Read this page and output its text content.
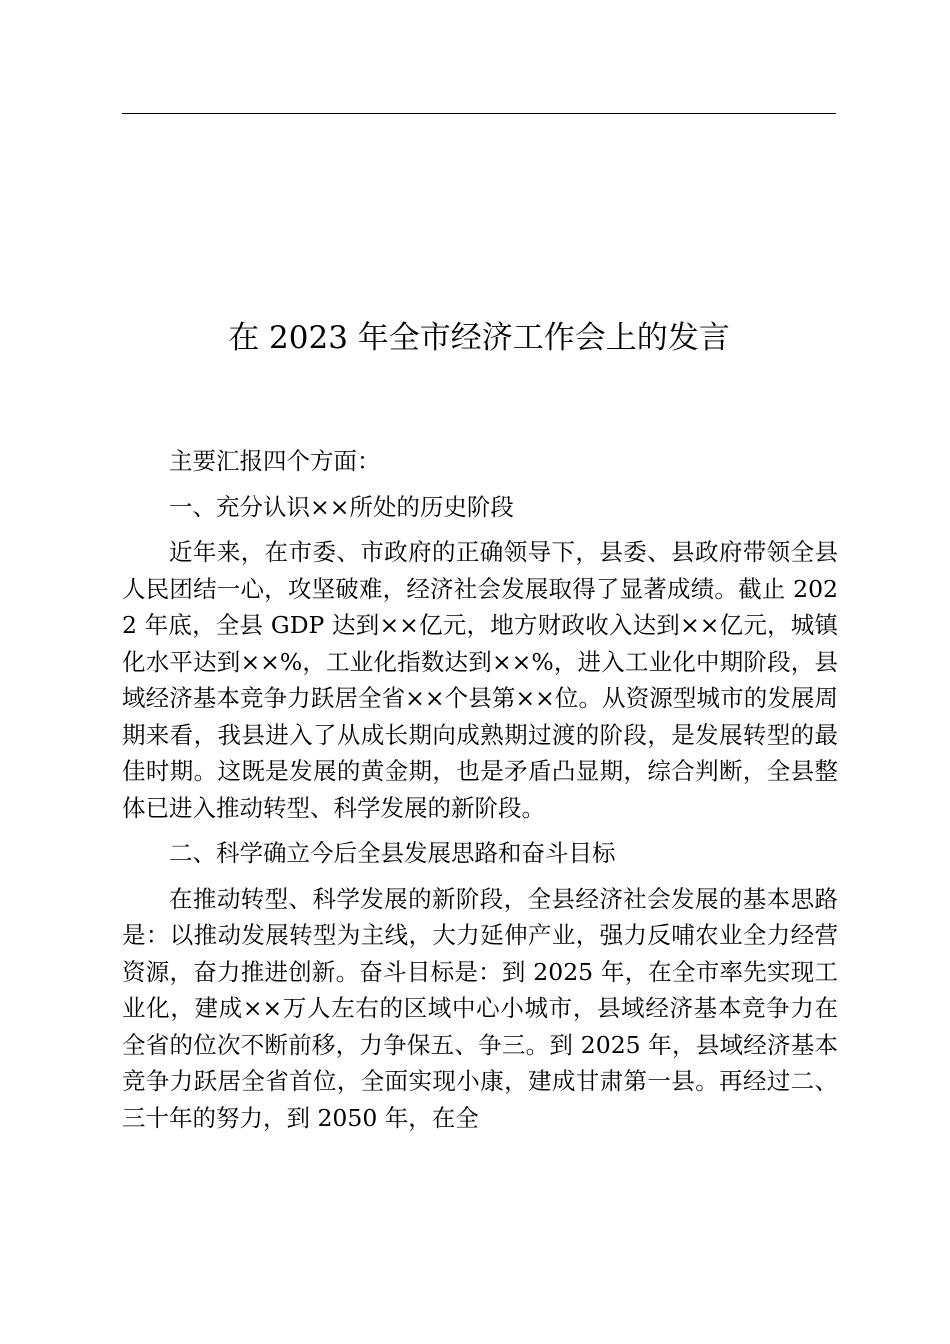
在 2023 年全市经济工作会上的发言

主要汇报四个方面：

一、充分认识××所处的历史阶段

近年来，在市委、市政府的正确领导下，县委、县政府带领全县人民团结一心，攻坚破难，经济社会发展取得了显著成绩。截止 2022 年底，全县 GDP 达到××亿元，地方财政收入达到××亿元，城镇化水平达到××%，工业化指数达到××%，进入工业化中期阶段，县域经济基本竞争力跃居全省××个县第××位。从资源型城市的发展周期来看，我县进入了从成长期向成熟期过渡的阶段，是发展转型的最佳时期。这既是发展的黄金期，也是矛盾凸显期，综合判断，全县整体已进入推动转型、科学发展的新阶段。

二、科学确立今后全县发展思路和奋斗目标

在推动转型、科学发展的新阶段，全县经济社会发展的基本思路是：以推动发展转型为主线，大力延伸产业，强力反哺农业全力经营资源，奋力推进创新。奋斗目标是：到 2025 年，在全市率先实现工业化，建成××万人左右的区域中心小城市，县域经济基本竞争力在全省的位次不断前移，力争保五、争三。到 2025 年，县域经济基本竞争力跃居全省首位，全面实现小康，建成甘肃第一县。再经过二、三十年的努力，到 2050 年，在全
